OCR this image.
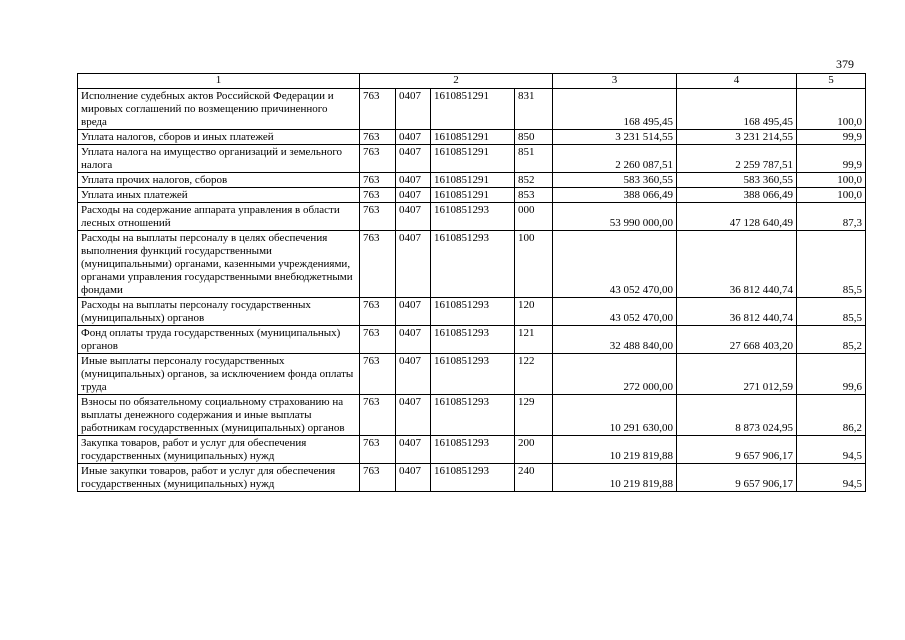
379
1	2				3	4	5
Исполнение судебных актов Российской Федерации и мировых соглашений по возмещению причиненного вреда	763	0407	1610851291	831	168 495,45	168 495,45	100,0
Уплата налогов, сборов и иных платежей	763	0407	1610851291	850	3 231 514,55	3 231 214,55	99,9
Уплата налога на имущество организаций и земельного налога	763	0407	1610851291	851	2 260 087,51	2 259 787,51	99,9
Уплата прочих налогов, сборов	763	0407	1610851291	852	583 360,55	583 360,55	100,0
Уплата иных платежей	763	0407	1610851291	853	388 066,49	388 066,49	100,0
Расходы на содержание аппарата управления в области лесных отношений	763	0407	1610851293	000	53 990 000,00	47 128 640,49	87,3
Расходы на выплаты персоналу в целях обеспечения выполнения функций государственными (муниципальными) органами, казенными учреждениями, органами управления государственными внебюджетными фондами	763	0407	1610851293	100	43 052 470,00	36 812 440,74	85,5
Расходы на выплаты персоналу государственных (муниципальных) органов	763	0407	1610851293	120	43 052 470,00	36 812 440,74	85,5
Фонд оплаты труда государственных (муниципальных) органов	763	0407	1610851293	121	32 488 840,00	27 668 403,20	85,2
Иные выплаты персоналу государственных (муниципальных) органов, за исключением фонда оплаты труда	763	0407	1610851293	122	272 000,00	271 012,59	99,6
Взносы по обязательному социальному страхованию на выплаты денежного содержания и иные выплаты работникам государственных (муниципальных) органов	763	0407	1610851293	129	10 291 630,00	8 873 024,95	86,2
Закупка товаров, работ и услуг для обеспечения государственных (муниципальных) нужд	763	0407	1610851293	200	10 219 819,88	9 657 906,17	94,5
Иные закупки товаров, работ и услуг для обеспечения государственных (муниципальных) нужд	763	0407	1610851293	240	10 219 819,88	9 657 906,17	94,5
